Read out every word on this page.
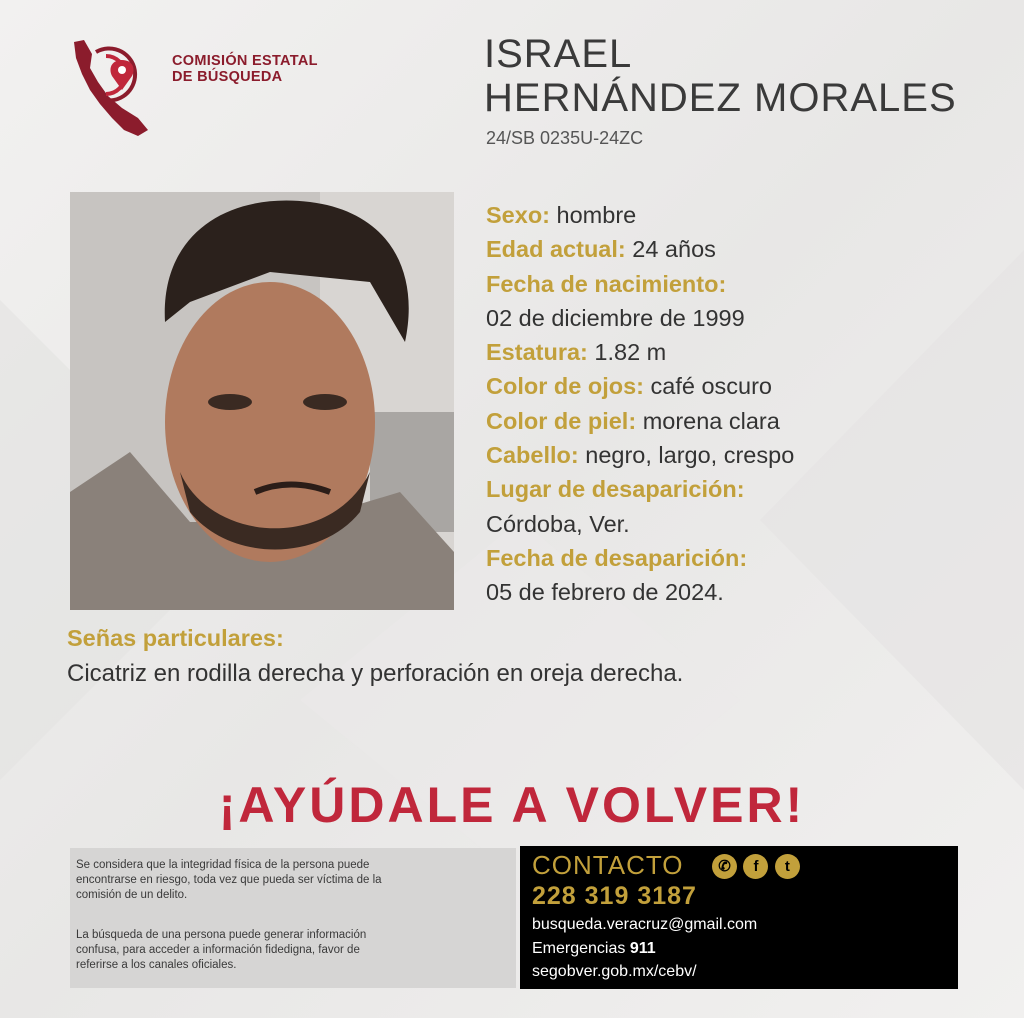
COMISIÓN ESTATAL
DE BÚSQUEDA
ISRAEL
HERNÁNDEZ MORALES
24/SB 0235U-24ZC
Sexo: hombre
Edad actual: 24 años
Fecha de nacimiento:
02 de diciembre de 1999
Estatura: 1.82 m
Color de ojos: café oscuro
Color de piel: morena clara
Cabello: negro, largo, crespo
Lugar de desaparición:
Córdoba, Ver.
Fecha de desaparición:
05 de febrero de 2024.
Señas particulares:
Cicatriz en rodilla derecha y perforación en oreja derecha.
¡AYÚDALE A VOLVER!

Se considera que la integridad física de la persona puede
encontrarse en riesgo, toda vez que pueda ser víctima de la
comisión de un delito.

La búsqueda de una persona puede generar información
confusa, para acceder a información fidedigna, favor de
referirse a los canales oficiales.

CONTACTO	✆ f t
228 319 3187
busqueda.veracruz@gmail.com
Emergencias 911
segobver.gob.mx/cebv/
